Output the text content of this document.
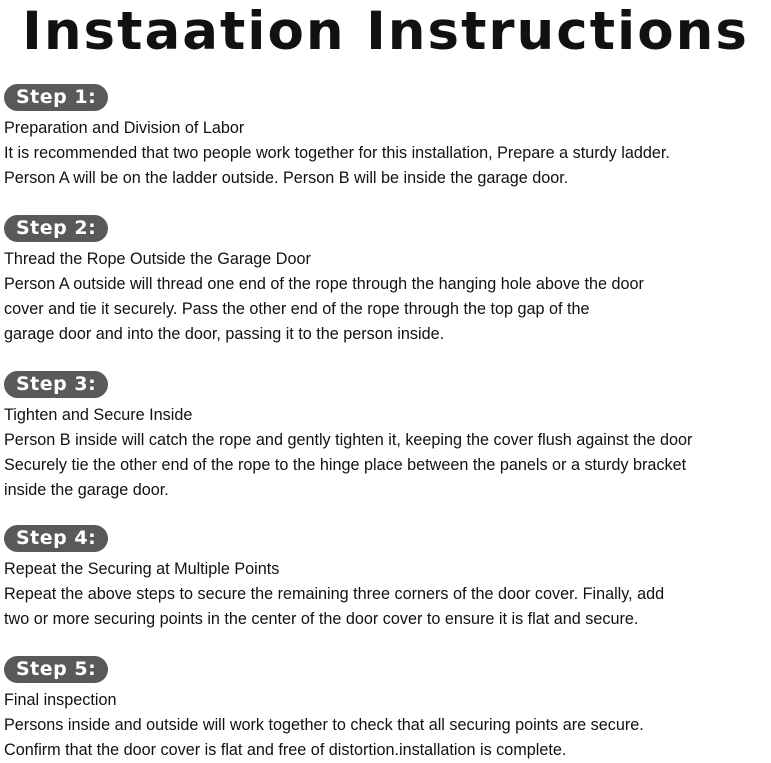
Instaation Instructions
Step 1:
Preparation and Division of Labor
It is recommended that two people work together for this installation, Prepare a sturdy ladder.
Person A will be on the ladder outside. Person B will be inside the garage door.
Step 2:
Thread the Rope Outside the Garage Door
Person A outside will thread one end of the rope through the hanging hole above the door
cover and tie it securely. Pass the other end of the rope through the top gap of the
garage door and into the door, passing it to the person inside.
Step 3:
Tighten and Secure Inside
Person B inside will catch the rope and gently tighten it, keeping the cover flush against the door
Securely tie the other end of the rope to the hinge place between the panels or a sturdy bracket
inside the garage door.
Step 4:
Repeat the Securing at Multiple Points
Repeat the above steps to secure the remaining three corners of the door cover. Finally, add
two or more securing points in the center of the door cover to ensure it is flat and secure.
Step 5:
Final inspection
Persons inside and outside will work together to check that all securing points are secure.
Confirm that the door cover is flat and free of distortion.installation is complete.
